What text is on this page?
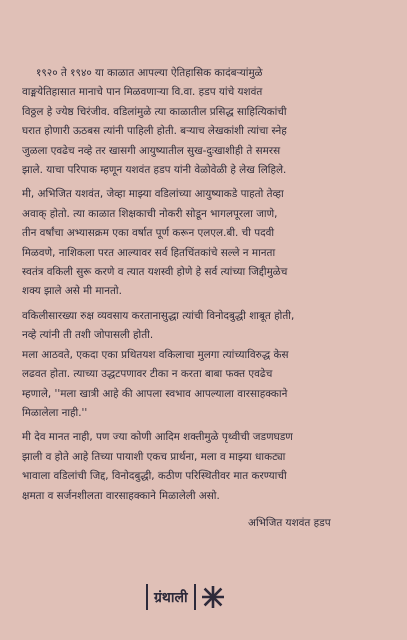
१९२० ते १९४० या काळात आपल्या ऐतिहासिक कादंबऱ्यांमुळे
वाङ्मयेतिहासात मानाचे पान मिळवणाऱ्या वि.वा. हडप यांचे यशवंत
विठ्ठल हे ज्येष्ठ चिरंजीव. वडिलांमुळे त्या काळातील प्रसिद्ध साहित्यिकांची
घरात होणारी ऊठबस त्यांनी पाहिली होती. बऱ्याच लेखकांशी त्यांचा स्नेह
जुळला एवढेच नव्हे तर खासगी आयुष्यातील सुख-दुःखाशीही ते समरस
झाले. याचा परिपाक म्हणून यशवंत हडप यांनी वेळोवेळी हे लेख लिहिले.
मी, अभिजित यशवंत, जेव्हा माझ्या वडिलांच्या आयुष्याकडे पाहतो तेव्हा
अवाक् होतो. त्या काळात शिक्षकाची नोकरी सोडून भागलपूरला जाणे,
तीन वर्षांचा अभ्यासक्रम एका वर्षात पूर्ण करून एलएल.बी. ची पदवी
मिळवणे, नाशिकला परत आल्यावर सर्व हितचिंतकांचे सल्ले न मानता
स्वतंत्र वकिली सुरू करणे व त्यात यशस्वी होणे हे सर्व त्यांच्या जिद्दीमुळेच
शक्य झाले असे मी मानतो.
वकिलीसारख्या रुक्ष व्यवसाय करतानासुद्धा त्यांची विनोदबुद्धी शाबूत होती,
नव्हे त्यांनी ती तशी जोपासली होती.
मला आठवते, एकदा एका प्रथितयश वकिलाचा मुलगा त्यांच्याविरुद्ध केस
लढवत होता. त्याच्या उद्धटपणावर टीका न करता बाबा फक्त एवढेच
म्हणाले, ''मला खात्री आहे की आपला स्वभाव आपल्याला वारसाहक्काने
मिळालेला नाही.''
मी देव मानत नाही, पण ज्या कोणी आदिम शक्तीमुळे पृथ्वीची जडणघडण
झाली व होते आहे तिच्या पायाशी एकच प्रार्थना, मला व माझ्या धाकट्या
भावाला वडिलांची जिद्द, विनोदबुद्धी, कठीण परिस्थितीवर मात करण्याची
क्षमता व सर्जनशीलता वारसाहक्काने मिळालेली असो.
अभिजित यशवंत हडप
ग्रंथाली
